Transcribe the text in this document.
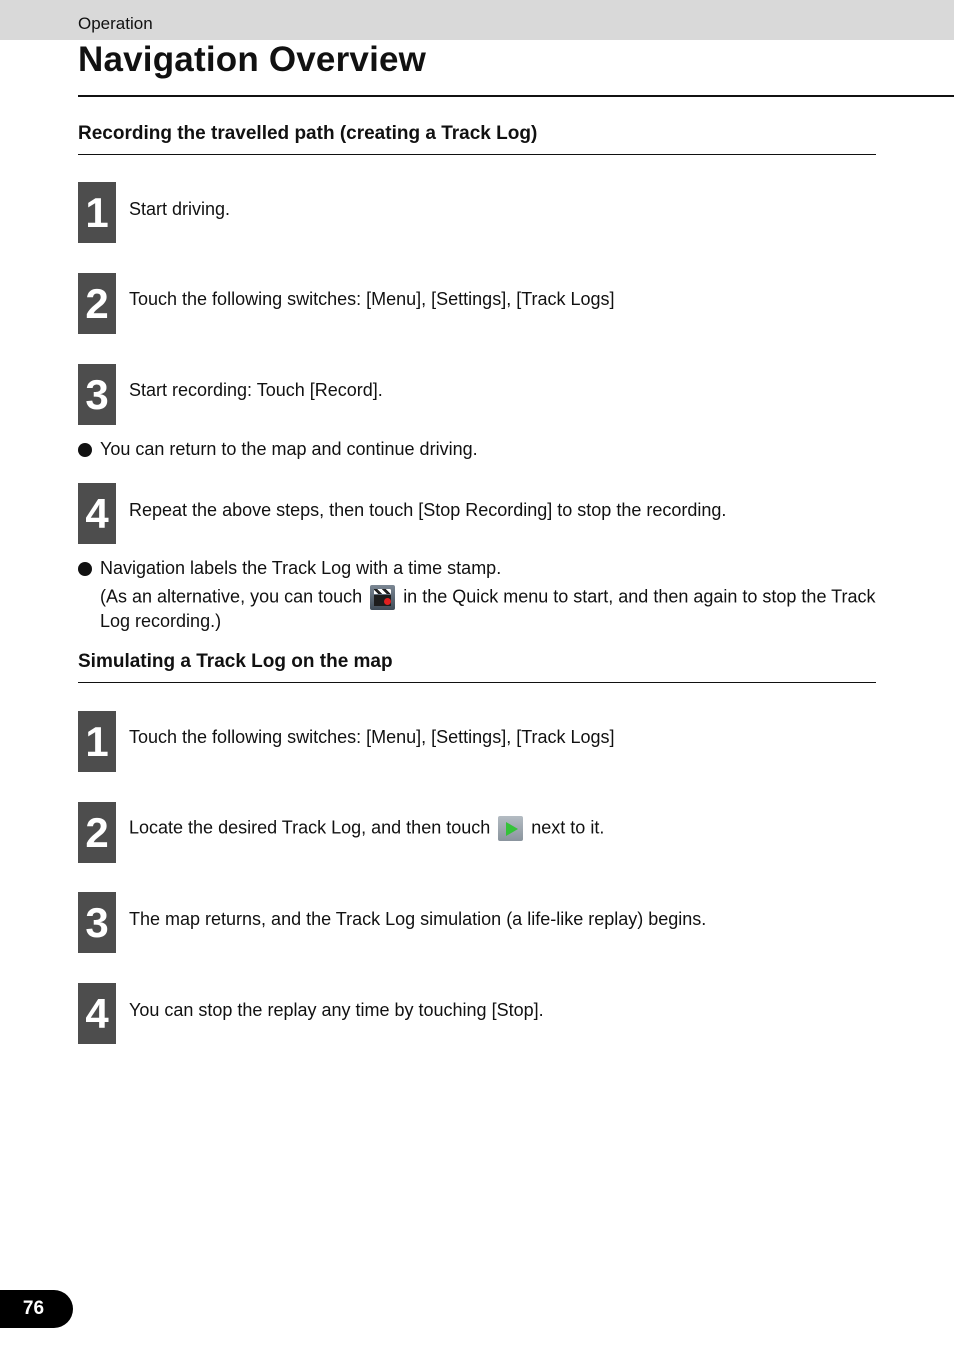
Operation
Navigation Overview
Recording the travelled path (creating a Track Log)
1	Start driving.
2	Touch the following switches: [Menu], [Settings], [Track Logs]
3	Start recording: Touch [Record].
You can return to the map and continue driving.
4	Repeat the above steps, then touch [Stop Recording] to stop the recording.
Navigation labels the Track Log with a time stamp.
(As an alternative, you can touch in the Quick menu to start, and then again to stop the Track Log recording.)
Simulating a Track Log on the map
1	Touch the following switches: [Menu], [Settings], [Track Logs]
2	Locate the desired Track Log, and then touch next to it.
3	The map returns, and the Track Log simulation (a life-like replay) begins.
4	You can stop the replay any time by touching [Stop].
76
